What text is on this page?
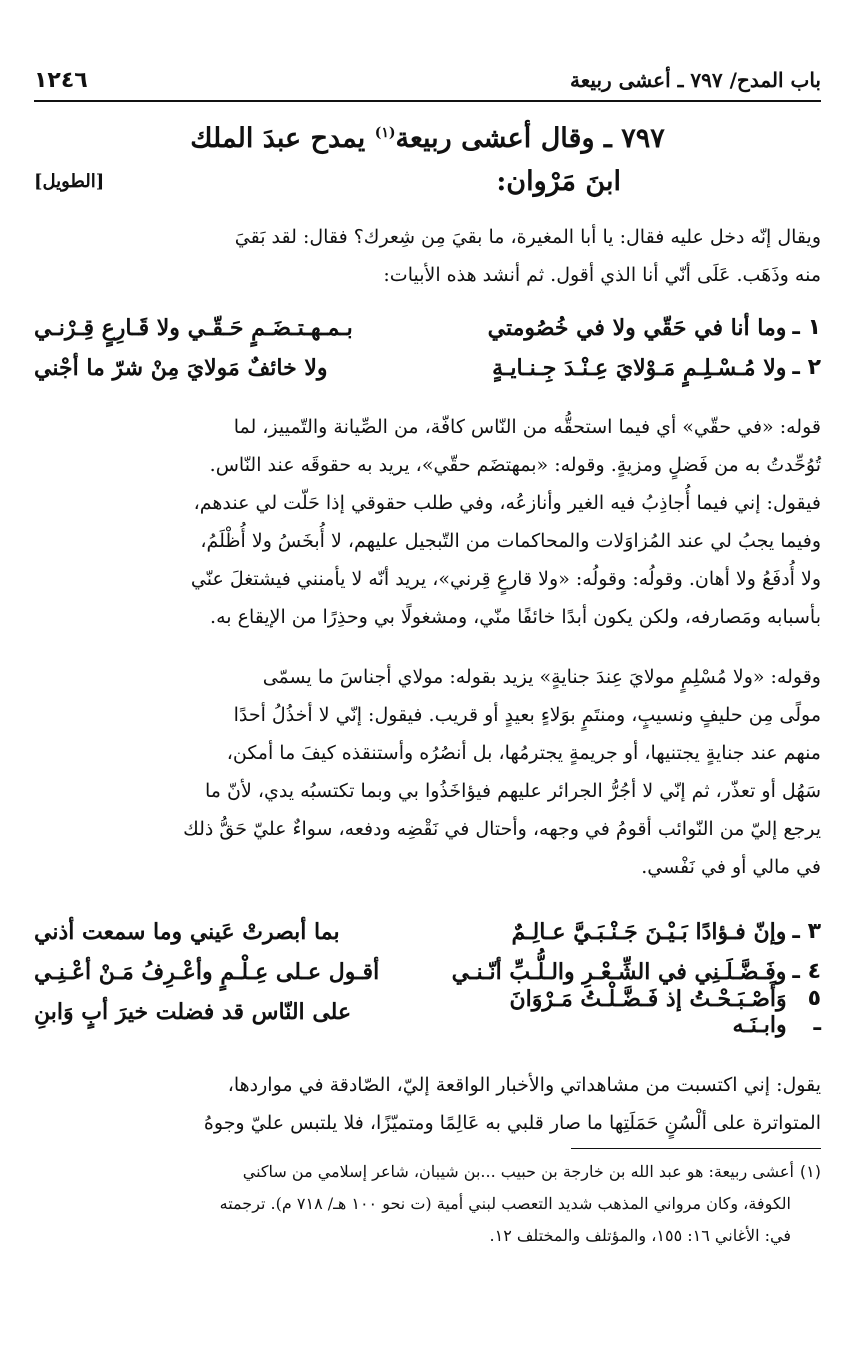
باب المدح/ ٧٩٧ ـ أعشى ربيعة
١٢٤٦
٧٩٧ ـ وقال أعشى ربيعة$^{(١)}$ يمدح عبدَ الملك
ابنَ مَرْوان:
[الطويل]

ويقال إنّه دخل عليه فقال: يا أبا المغيرة، ما بقيَ مِن شِعرك؟ فقال: لقد بَقيَ

منه وذَهَب. عَلَى أنّي أنا الذي أقول. ثم أنشد هذه الأبيات:

١ ـ
وما أنا في حَقّي ولا في خُصُومتي
بـمـهـتـضَـمٍ حَـقّـي ولا قَـارِعٍ قِـرْنـي
٢ ـ
ولا مُـسْـلِـمٍ مَـوْلايَ عِـنْـدَ جِـنـايـةٍ
ولا خائفٌ مَولايَ مِنْ شرّ ما أجْني

قوله: «في حقّي» أي فيما استحقُّه من النّاس كافّة، من الصِّيانة والتّمييز، لما

تُوُحِّدتُ به من فَضلٍ ومزيةٍ. وقوله: «بمهتضَم حقّي»، يريد به حقوقَه عند النّاس.

فيقول: إني فيما أُجاذِبُ فيه الغير وأنازعُه، وفي طلب حقوقي إذا حَلّت لي عندهم،

وفيما يجبُ لي عند المُزاوَلات والمحاكمات من التّبجيل عليهم، لا أُبخَسُ ولا أُظْلَمُ،

ولا أُدفَعُ ولا أهان. وقولُه: وقولُه: «ولا قارعٍ قِرني»، يريد أنّه لا يأمنني فيشتغلَ عنّي

بأسبابه ومَصارفه، ولكن يكون أبدًا خائفًا منّي، ومشغولًا بي وحذِرًا من الإيقاع به.

وقوله: «ولا مُسْلِمٍ مولايَ عِندَ جنايةٍ» يزيد بقوله: مولاي أجناسَ ما يسمّى

مولًى مِن حليفٍ ونسيبٍ، ومنتَمٍ بوَلاءٍ بعيدٍ أو قريب. فيقول: إنّي لا أخذُلُ أحدًا

منهم عند جنايةٍ يجتنيها، أو جريمةٍ يجترمُها، بل أنصُرُه وأستنقذه كيفَ ما أمكن،

سَهُل أو تعذّر، ثم إنّي لا أجُرُّ الجرائر عليهم فيؤاخَذُوا بي وبما تكتسبُه يدي، لأنّ ما

يرجع إليّ من النّوائب أقومُ في وجهه، وأحتال في نَقْضِه ودفعه، سواءٌ عليّ حَقُّ ذلك

في مالي أو في نَفْسي.

٣ ـ
وإنّ فـؤادًا بَـيْـنَ جَـنْـبَـيَّ عـالِـمٌ
بما أبصرتْ عَيني وما سمعت أذني
٤ ـ
وفَـضَّـلَـنِي في الشِّـعْـرِ والـلُّـبِّ أنّـنـي
أقـول عـلى عِـلْـمٍ وأعْـرِفُ مَـنْ أعْـنِـي
٥ ـ
وَأَصْـبَـحْـتُ إذ فَـضَّـلْـتُ مَـرْوَانَ وابـنَـه
على النّاس قد فضلت خيرَ أبٍ وَابنِ

يقول: إني اكتسبت من مشاهداتي والأخبار الواقعة إليّ، الصّادقة في مواردها،

المتواترة على ألْسُنٍ حَمَلَتِها ما صار قلبي به عَالِمًا ومتميّزًا، فلا يلتبس عليّ وجوهُ

(١)أعشى ربيعة: هو عبد الله بن خارجة بن حبيب ...بن شيبان، شاعر إسلامي من ساكني
الكوفة، وكان مرواني المذهب شديد التعصب لبني أمية (ت نحو ١٠٠ هـ/ ٧١٨ م). ترجمته
في: الأغاني ١٦: ١٥٥، والمؤتلف والمختلف ١٢.
